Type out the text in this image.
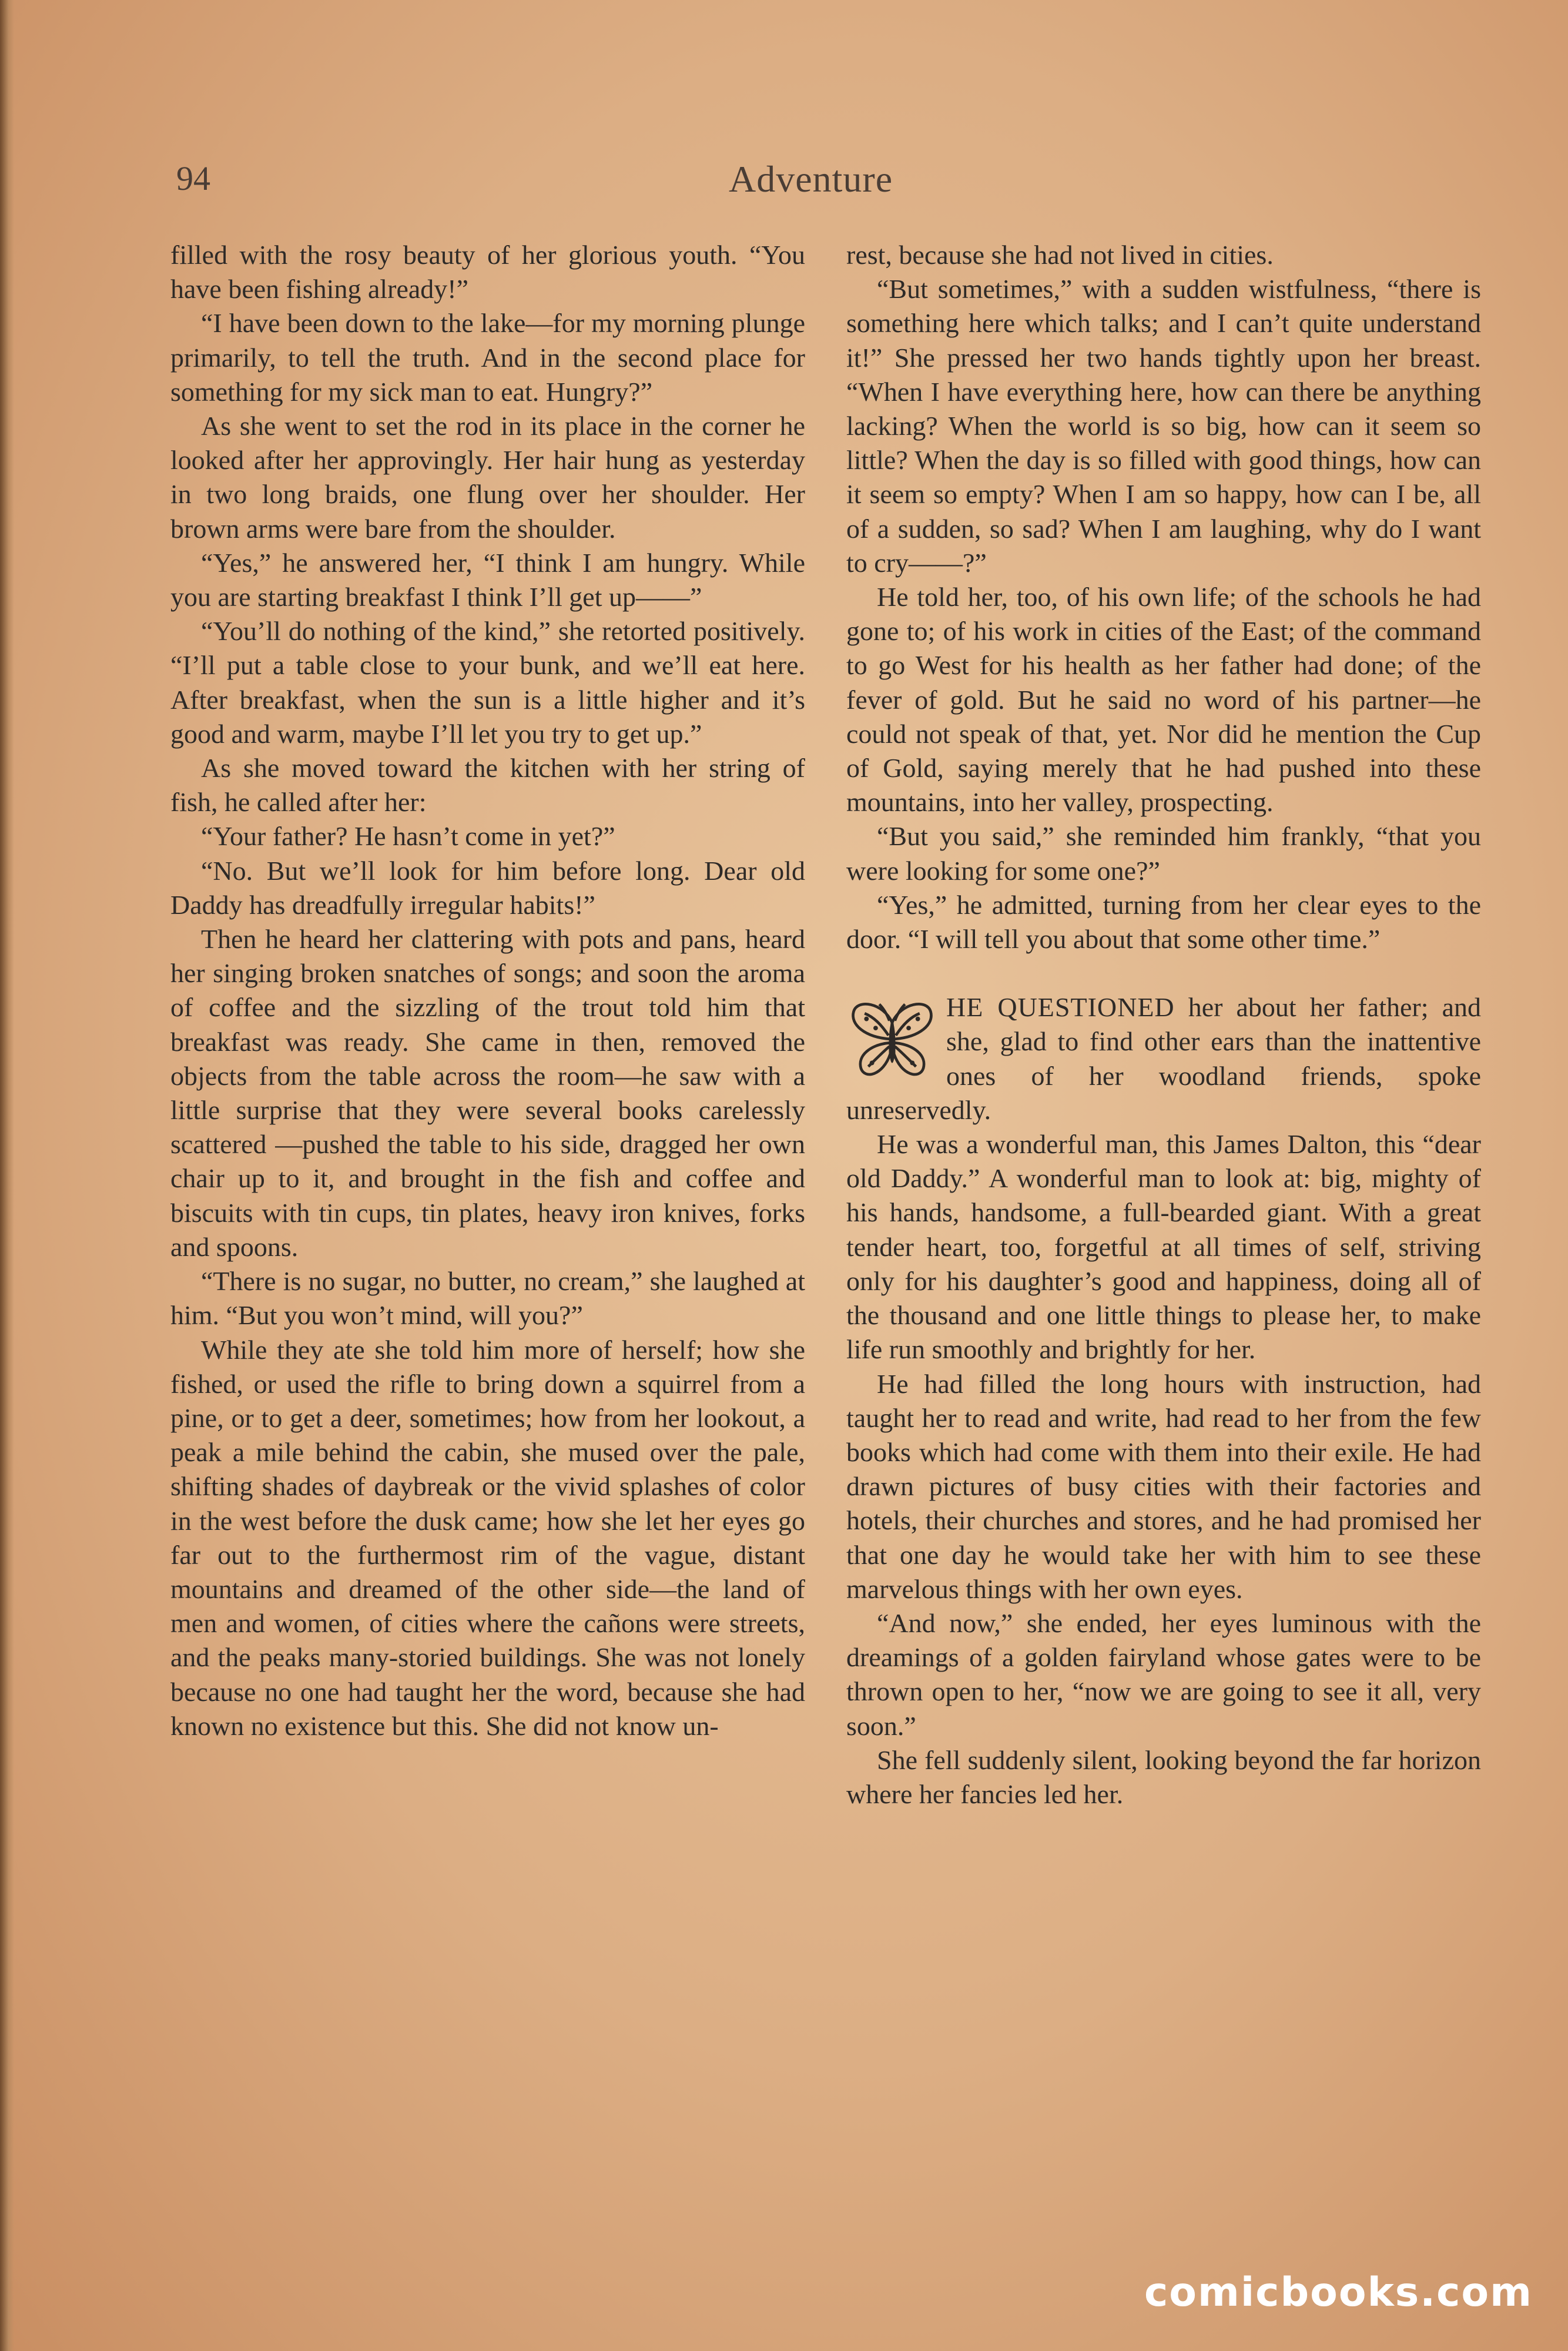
94	Adventure

filled with the rosy beauty of her glorious youth. “You have been fishing already!”

“I have been down to the lake—for my morning plunge primarily, to tell the truth. And in the second place for something for my sick man to eat. Hungry?”

As she went to set the rod in its place in the corner he looked after her approvingly. Her hair hung as yesterday in two long braids, one flung over her shoulder. Her brown arms were bare from the shoulder.

“Yes,” he answered her, “I think I am hungry. While you are starting breakfast I think I’ll get up——”

“You’ll do nothing of the kind,” she retorted positively. “I’ll put a table close to your bunk, and we’ll eat here. After breakfast, when the sun is a little higher and it’s good and warm, maybe I’ll let you try to get up.”

As she moved toward the kitchen with her string of fish, he called after her:

“Your father? He hasn’t come in yet?”

“No. But we’ll look for him before long. Dear old Daddy has dreadfully irregular habits!”

Then he heard her clattering with pots and pans, heard her singing broken snatches of songs; and soon the aroma of coffee and the sizzling of the trout told him that breakfast was ready. She came in then, removed the objects from the table across the room—he saw with a little surprise that they were several books carelessly scattered —pushed the table to his side, dragged her own chair up to it, and brought in the fish and coffee and biscuits with tin cups, tin plates, heavy iron knives, forks and spoons.

“There is no sugar, no butter, no cream,” she laughed at him. “But you won’t mind, will you?”

While they ate she told him more of herself; how she fished, or used the rifle to bring down a squirrel from a pine, or to get a deer, sometimes; how from her lookout, a peak a mile behind the cabin, she mused over the pale, shifting shades of daybreak or the vivid splashes of color in the west before the dusk came; how she let her eyes go far out to the furthermost rim of the vague, distant mountains and dreamed of the other side—the land of men and women, of cities where the cañons were streets, and the peaks many-storied buildings. She was not lonely because no one had taught her the word, because she had known no existence but this. She did not know un-

rest, because she had not lived in cities.

“But sometimes,” with a sudden wistfulness, “there is something here which talks; and I can’t quite understand it!” She pressed her two hands tightly upon her breast. “When I have everything here, how can there be anything lacking? When the world is so big, how can it seem so little? When the day is so filled with good things, how can it seem so empty? When I am so happy, how can I be, all of a sudden, so sad? When I am laughing, why do I want to cry——?”

He told her, too, of his own life; of the schools he had gone to; of his work in cities of the East; of the command to go West for his health as her father had done; of the fever of gold. But he said no word of his partner—he could not speak of that, yet. Nor did he mention the Cup of Gold, saying merely that he had pushed into these mountains, into her valley, prospecting.

“But you said,” she reminded him frankly, “that you were looking for some one?”

“Yes,” he admitted, turning from her clear eyes to the door. “I will tell you about that some other time.”

HE QUESTIONED her about her father; and she, glad to find other ears than the inattentive ones of her woodland friends, spoke unreservedly.

He was a wonderful man, this James Dalton, this “dear old Daddy.” A wonderful man to look at: big, mighty of his hands, handsome, a full-bearded giant. With a great tender heart, too, forgetful at all times of self, striving only for his daughter’s good and happiness, doing all of the thousand and one little things to please her, to make life run smoothly and brightly for her.

He had filled the long hours with instruction, had taught her to read and write, had read to her from the few books which had come with them into their exile. He had drawn pictures of busy cities with their factories and hotels, their churches and stores, and he had promised her that one day he would take her with him to see these marvelous things with her own eyes.

“And now,” she ended, her eyes luminous with the dreamings of a golden fairyland whose gates were to be thrown open to her, “now we are going to see it all, very soon.”

She fell suddenly silent, looking beyond the far horizon where her fancies led her.

comicbooks.com
